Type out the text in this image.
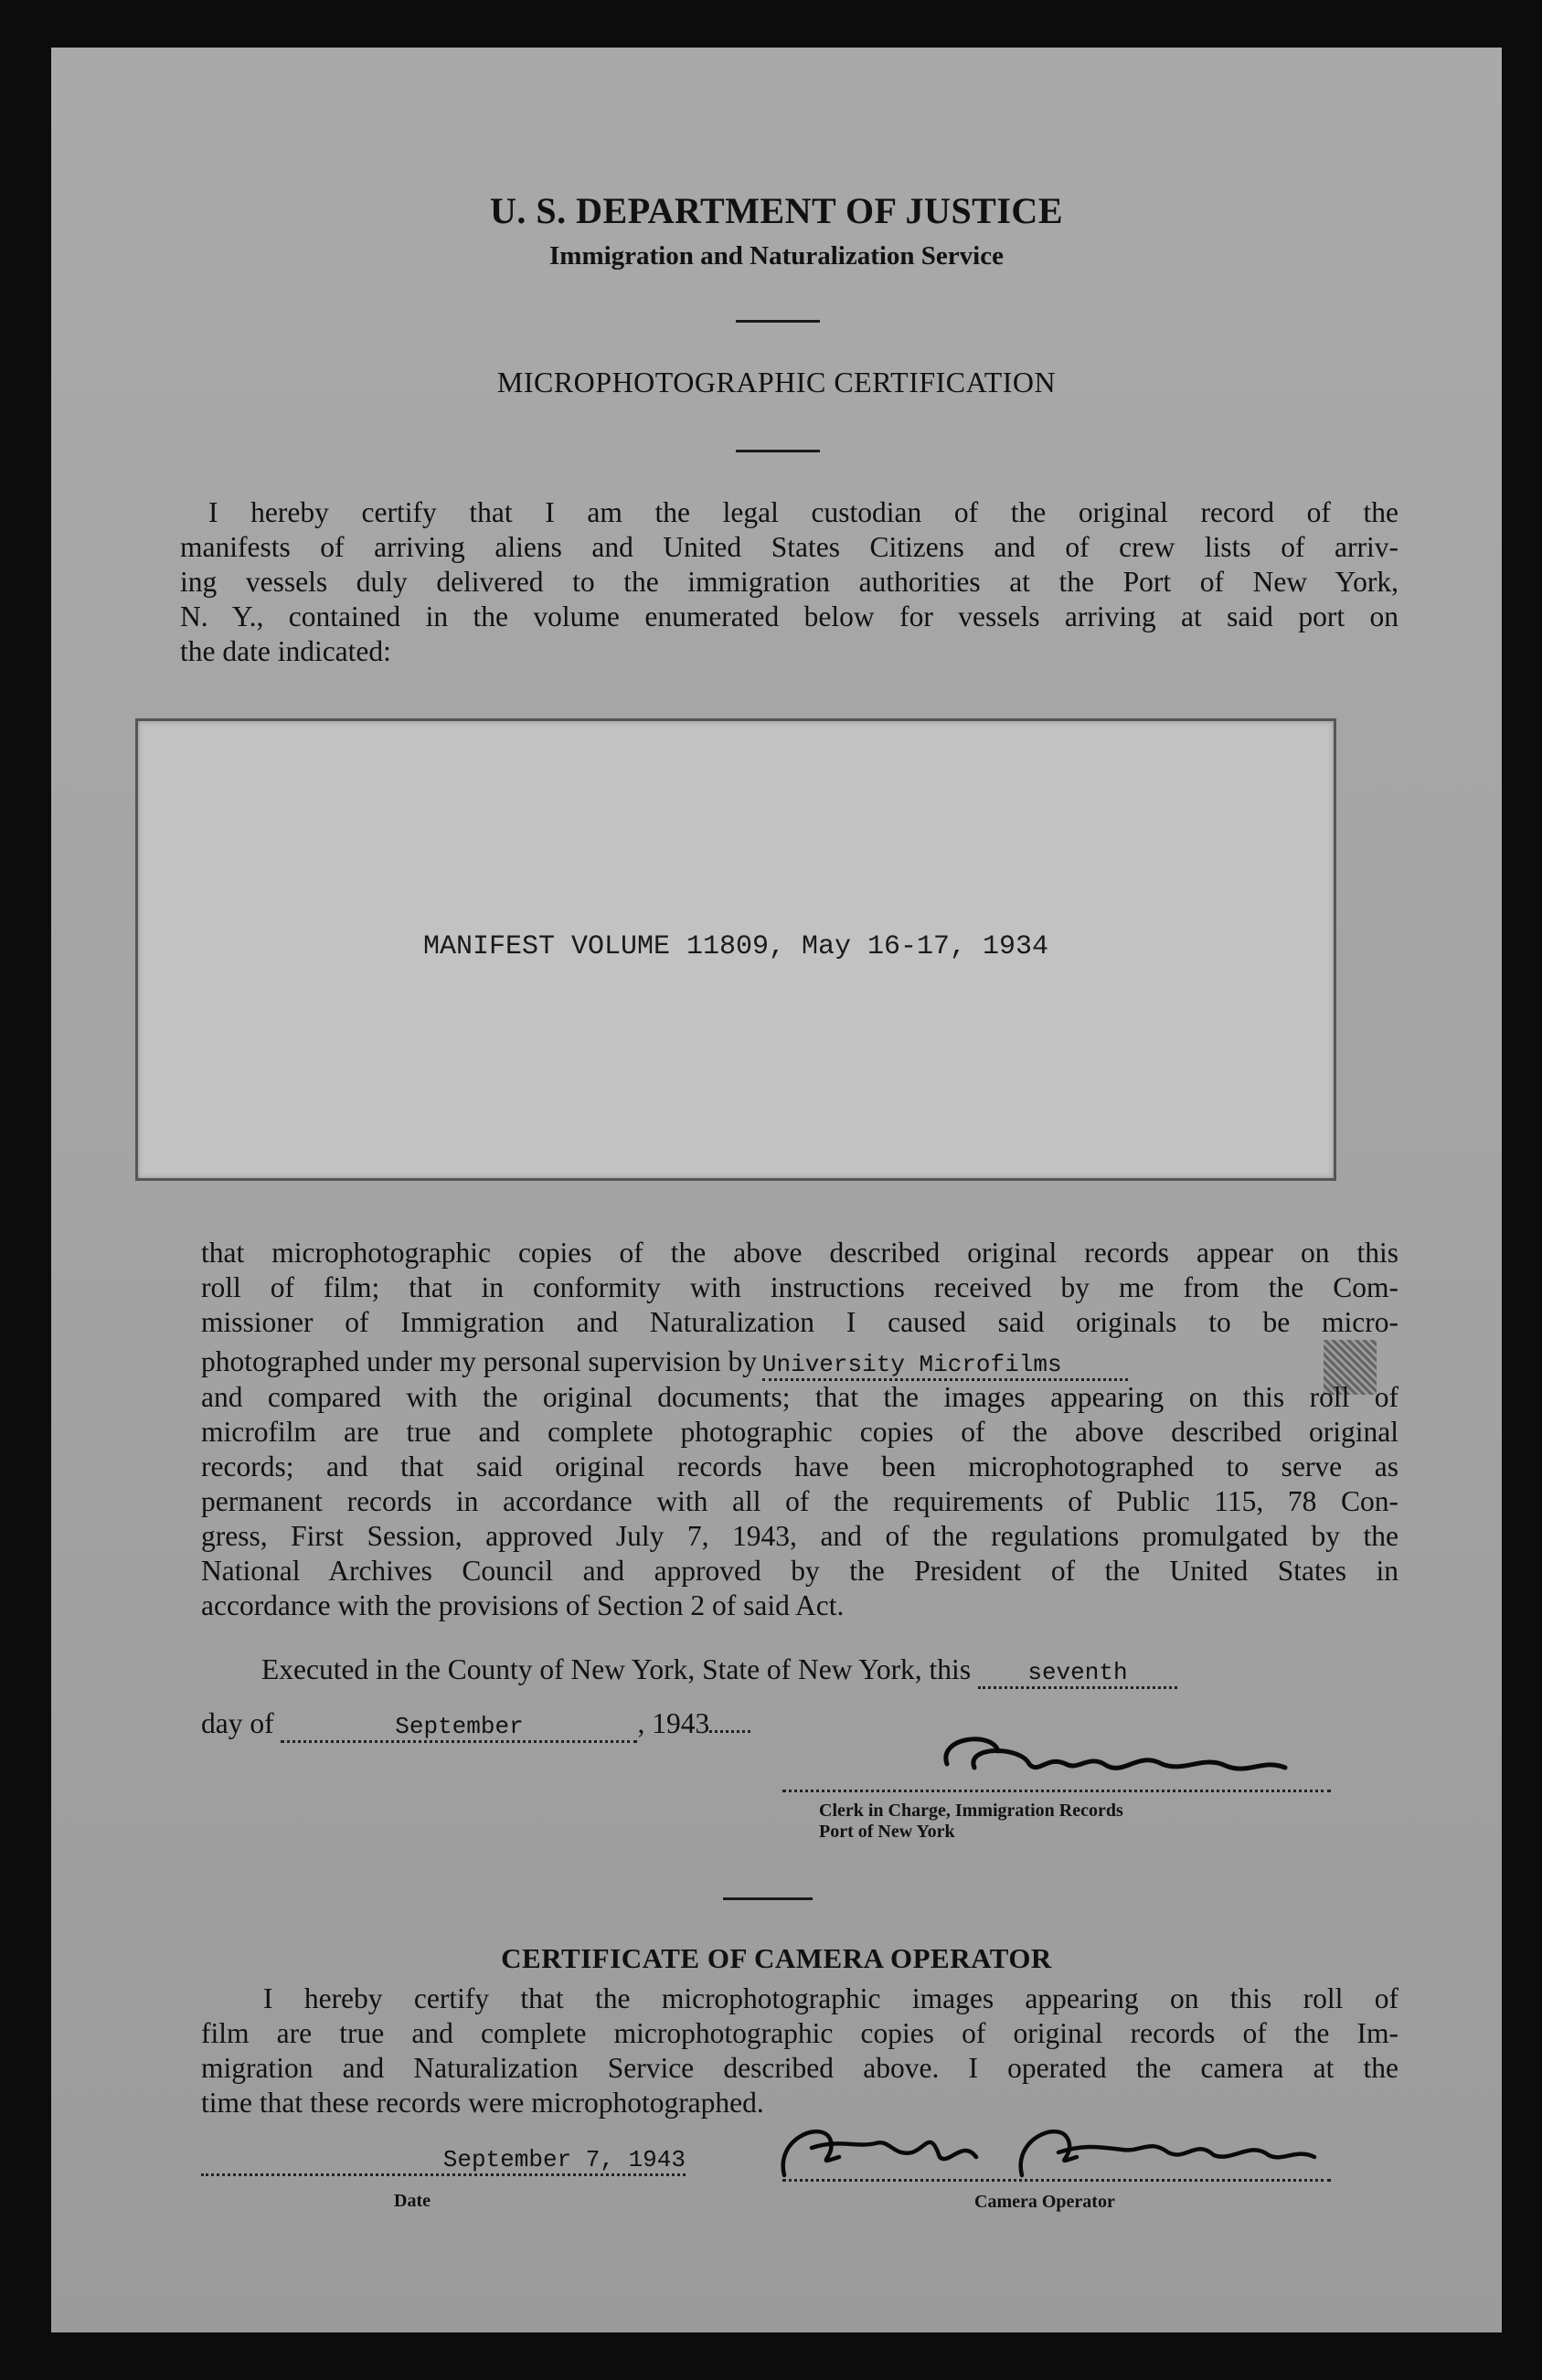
U. S. DEPARTMENT OF JUSTICE
Immigration and Naturalization Service
MICROPHOTOGRAPHIC CERTIFICATION
I hereby certify that I am the legal custodian of the original record of the
manifests of arriving aliens and United States Citizens and of crew lists of arriv-
ing vessels duly delivered to the immigration authorities at the Port of New York,
N. Y., contained in the volume enumerated below for vessels arriving at said port on
the date indicated:
MANIFEST VOLUME 11809, May 16-17, 1934
that microphotographic copies of the above described original records appear on this
roll of film; that in conformity with instructions received by me from the Com-
missioner of Immigration and Naturalization I caused said originals to be micro-
photographed under my personal supervision by University Microfilms
and compared with the original documents; that the images appearing on this roll of
microfilm are true and complete photographic copies of the above described original
records; and that said original records have been microphotographed to serve as
permanent records in accordance with all of the requirements of Public 115, 78 Con-
gress, First Session, approved July 7, 1943, and of the regulations promulgated by the
National Archives Council and approved by the President of the United States in
accordance with the provisions of Section 2 of said Act.
Executed in the County of New York, State of New York, this seventh
day of	September	, 1943
Clerk in Charge, Immigration Records
Port of New York
CERTIFICATE OF CAMERA OPERATOR
I hereby certify that the microphotographic images appearing on this roll of
film are true and complete microphotographic copies of original records of the Im-
migration and Naturalization Service described above. I operated the camera at the
time that these records were microphotographed.
September 7, 1943
Date	Camera Operator
